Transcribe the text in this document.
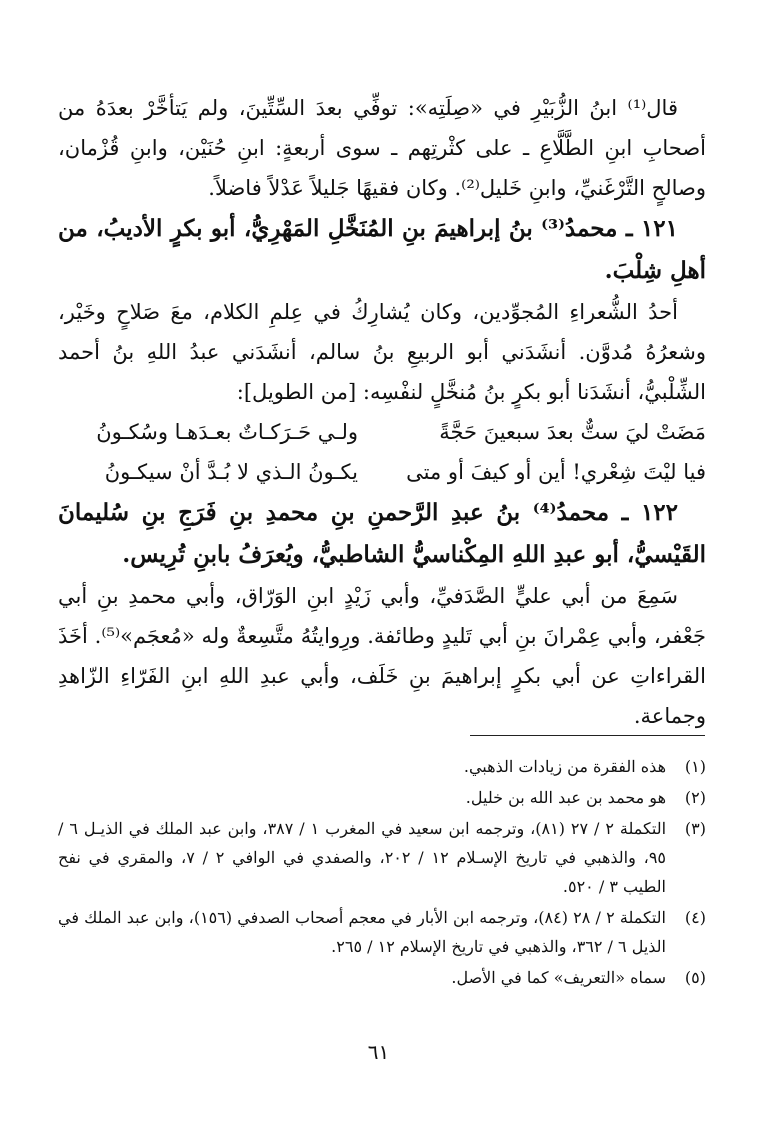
قال⁽¹⁾ ابنُ الزُّبَيْرِ في «صِلَتِه»: توفِّي بعدَ السِّتِّينَ، ولم يَتأخَّرْ بعدَهُ من أصحابِ ابنِ الطَّلَّاعِ ـ على كثْرتِهم ـ سوى أربعةٍ: ابنِ حُنَيْن، وابنِ قُزْمان، وصالحٍ التَّرْغَنيِّ، وابنِ خَليل⁽²⁾. وكان فقيهًا جَليلاً عَدْلاً فاضلاً.

١٢١ ـ محمدُ⁽³⁾ بنُ إبراهيمَ بنِ المُنَخَّلِ المَهْرِيُّ، أبو بكرٍ الأديبُ، من أهلِ شِلْبَ.

أحدُ الشُّعراءِ المُجوِّدين، وكان يُشارِكُ في عِلمِ الكلام، معَ صَلاحٍ وخَيْر، وشعرُهُ مُدوَّن. أنشَدَني أبو الربيعِ بنُ سالم، أنشَدَني عبدُ اللهِ بنُ أحمد الشِّلْبيُّ، أنشَدَنا أبو بكرٍ بنُ مُنخَّلٍ لنفْسِه: [من الطويل]:

مَضَتْ ليَ ستٌّ بعدَ سبعينَ حَجَّةً
ولـي حَـرَكـاتٌ بعـدَهـا وسُكـونُ
فيا ليْتَ شِعْري! أين أو كيفَ أو متى
يكـونُ الـذي لا بُـدَّ أنْ سيكـونُ

١٢٢ ـ محمدُ⁽⁴⁾ بنُ عبدِ الرَّحمنِ بنِ محمدِ بنِ فَرَجِ بنِ سُليمانَ القَيْسيُّ، أبو عبدِ اللهِ المِكْناسيُّ الشاطبيُّ، ويُعرَفُ بابنِ تُرِيس.

سَمِعَ من أبي عليٍّ الصَّدَفيِّ، وأبي زَيْدٍ ابنِ الوَرّاق، وأبي محمدِ بنِ أبي جَعْفر، وأبي عِمْرانَ بنِ أبي تَليدٍ وطائفة. ورِوايتُهُ متَّسِعةٌ وله «مُعجَم»⁽⁵⁾. أخَذَ القراءاتِ عن أبي بكرٍ إبراهيمَ بنِ خَلَف، وأبي عبدِ اللهِ ابنِ الفَرّاءِ الزّاهدِ وجماعة.

(١)
هذه الفقرة من زيادات الذهبي.
(٢)
هو محمد بن عبد الله بن خليل.
(٣)
التكملة ٢ / ٢٧ (٨١)، وترجمه ابن سعيد في المغرب ١ / ٣٨٧، وابن عبد الملك في الذيـل ٦ / ٩٥، والذهبي في تاريخ الإسـلام ١٢ / ٢٠٢، والصفدي في الوافي ٢ / ٧، والمقري في نفح الطيب ٣ / ٥٢٠.
(٤)
التكملة ٢ / ٢٨ (٨٤)، وترجمه ابن الأبار في معجم أصحاب الصدفي (١٥٦)، وابن عبد الملك في الذيل ٦ / ٣٦٢، والذهبي في تاريخ الإسلام ١٢ / ٢٦٥.
(٥)
سماه «التعريف» كما في الأصل.
٦١
